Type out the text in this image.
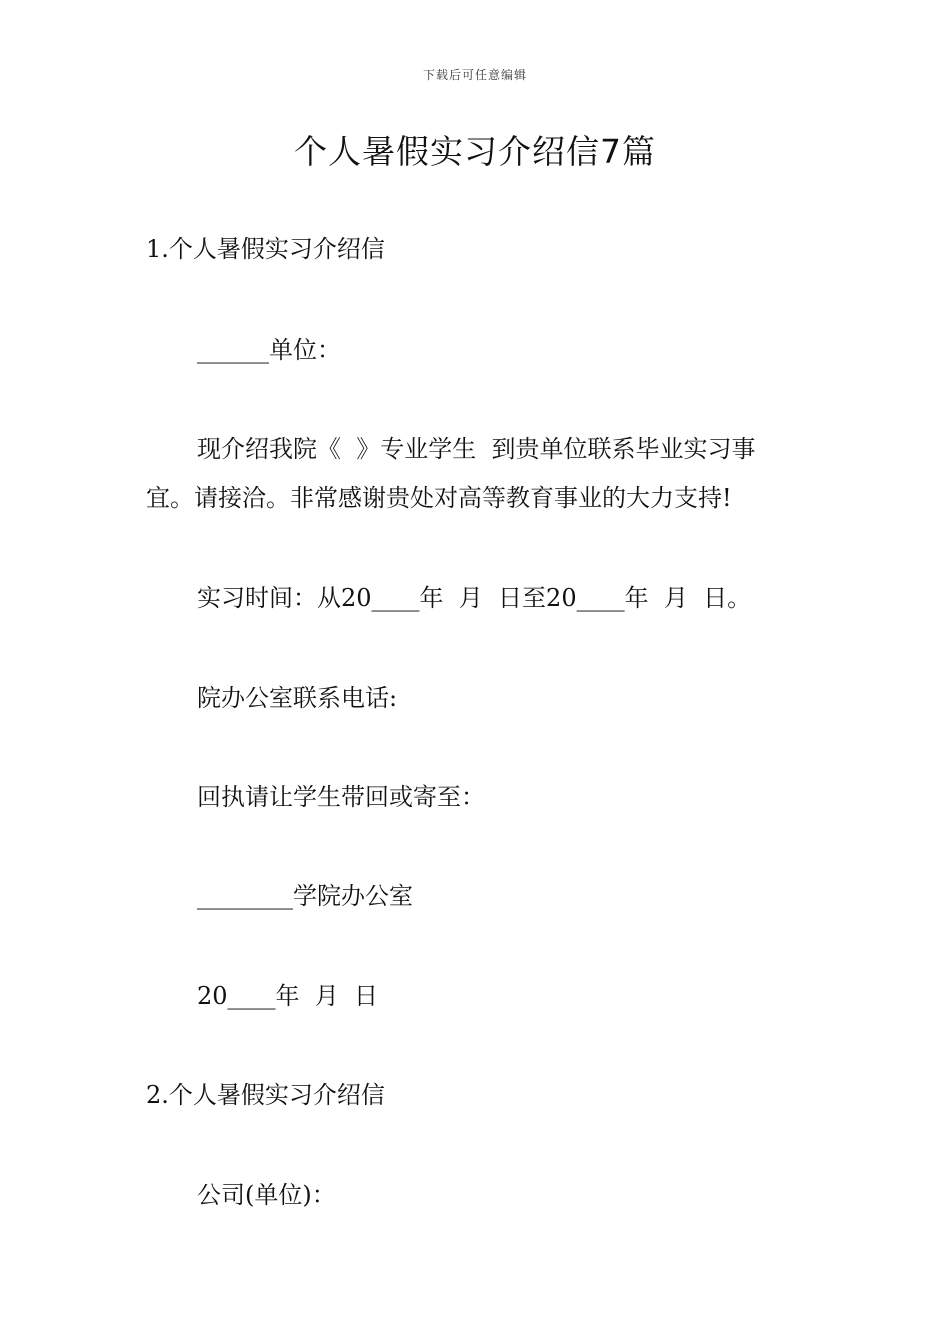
下载后可任意编辑
个人暑假实习介绍信7篇

1.个人暑假实习介绍信

______单位：

现介绍我院《  》专业学生  到贵单位联系毕业实习事

宜。请接洽。非常感谢贵处对高等教育事业的大力支持!

实习时间：从20____年  月  日至20____年  月  日。

院办公室联系电话:

回执请让学生带回或寄至：

________学院办公室

20____年  月  日

2.个人暑假实习介绍信

公司(单位)：
